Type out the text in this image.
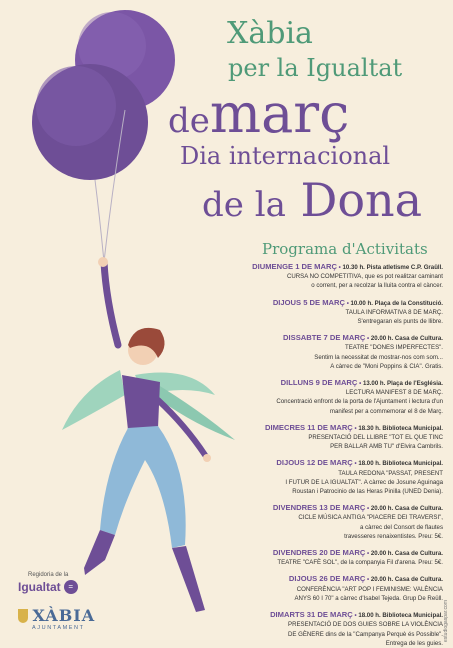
Xàbia
per la Igualtat
demarç
Dia internacional
de la Dona
Programa d'Activitats
DIUMENGE 1 DE MARÇ • 10.30 h. Pista atletisme C.P. Graüll.
CURSA NO COMPETITIVA, que es pot realitzar caminant
o corrent, per a recolzar la lluita contra el càncer.
DIJOUS 5 DE MARÇ • 10.00 h. Plaça de la Constitució.
TAULA INFORMATIVA 8 DE MARÇ.
S'entregaran els punts de llibre.
DISSABTE 7 DE MARÇ • 20.00 h. Casa de Cultura.
TEATRE "DONES IMPERFECTES".
Sentim la necessitat de mostrar-nos com som...
A càrrec de "Moni Poppins & CIA". Gratis.
DILLUNS 9 DE MARÇ • 13.00 h. Plaça de l'Església.
LECTURA MANIFEST 8 DE MARÇ.
Concentració enfront de la porta de l'Ajuntament i lectura d'un
manifest per a commemorar el 8 de Març.
DIMECRES 11 DE MARÇ • 18.30 h. Biblioteca Municipal.
PRESENTACIÓ DEL LLIBRE "TOT EL QUE TINC
PER BALLAR AMB TU" d'Elvira Cambrils.
DIJOUS 12 DE MARÇ • 18.00 h. Biblioteca Municipal.
TAULA REDONA "PASSAT, PRESENT
I FUTUR DE LA IGUALTAT". A càrrec de Josune Aguinaga
Roustan i Patrocinio de las Heras Pinilla (UNED Denia).
DIVENDRES 13 DE MARÇ • 20.00 h. Casa de Cultura.
CICLE MÚSICA ANTIGA "PIACERE DEI TRAVERSI",
a càrrec del Consort de flautes
travesseres renaixentistes. Preu: 5€.
DIVENDRES 20 DE MARÇ • 20.00 h. Casa de Cultura.
TEATRE "CAFÈ SOL", de la companyia Fil d'arena. Preu: 5€.
DIJOUS 26 DE MARÇ • 20.00 h. Casa de Cultura.
CONFERÈNCIA "ART POP I FEMINISME: VALÈNCIA
ANYS 60 I 70" a càrrec d'Isabel Tejeda. Grup De Reüll.
DIMARTS 31 DE MARÇ • 18.00 h. Biblioteca Municipal.
PRESENTACIÓ DE DOS GUIES SOBRE LA VIOLÈNCIA
DE GÈNERE dins de la "Campanya Perquè és Possible".
Entrega de les guies.
Regidoria de la
Igualtat =
XÀBIA
AJUNTAMENT	estudiogaspar.com
